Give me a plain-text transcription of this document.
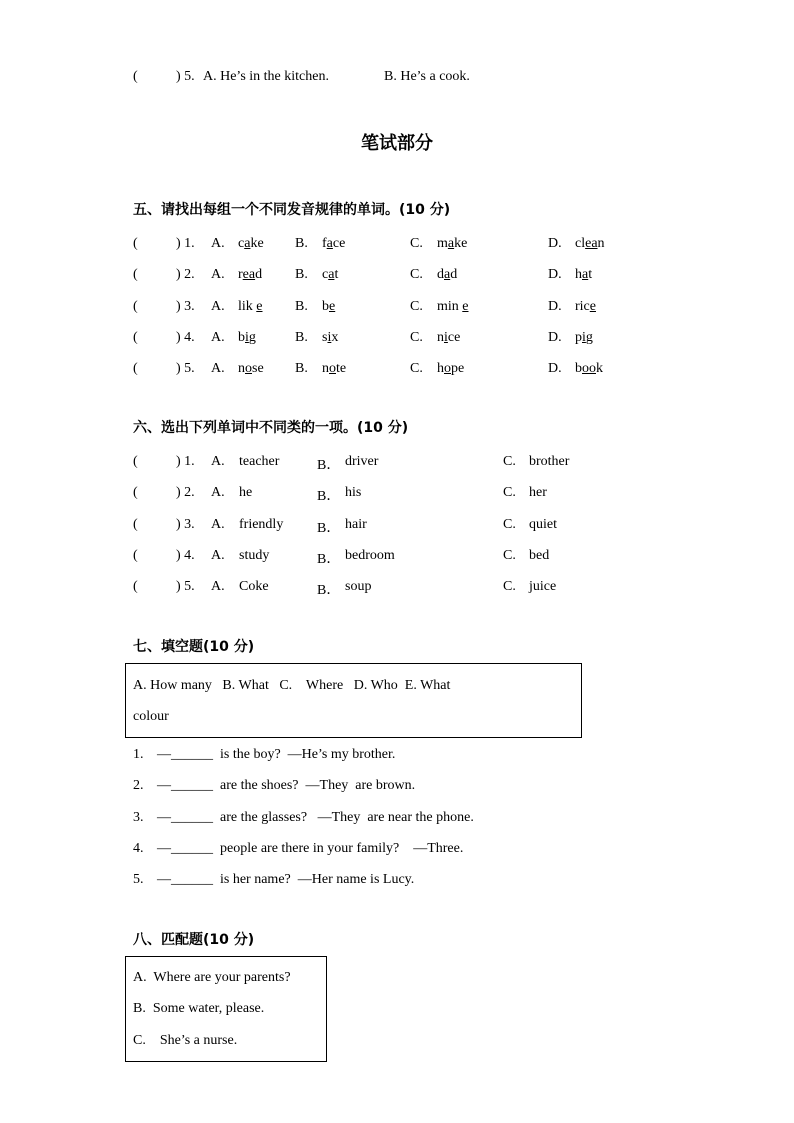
(	) 5. A. He’s in the kitchen.	B. He’s a cook.
笔试部分
五、请找出每组一个不同发音规律的单词。(10 分)
(	) 1. A. cake B. face	C. make	D. clean
(	) 2. A. read B. cat	C. dad	D. hat
(	) 3. A. lik e B. be	C. min e	D. rice
(	) 4. A. big	B. six	C. nice	D. pig
(	) 5. A. nose B. note	C. hope	D. book
六、选出下列单词中不同类的一项。(10 分)
(	) 1. A. teacher	B． driver	C. brother
(	) 2. A. he	B． his	C. her
(	) 3. A. friendly B． hair	C. quiet
(	) 4. A. study	B． bedroom	C. bed
(	) 5. A. Coke	B． soup	C. juice
七、填空题(10 分)
A. How many   B. What   C.    Where   D. Who  E. What
colour
1. —______  is the boy?  —He’s my brother.
2. —______  are the shoes?  —They  are brown.
3. —______  are the glasses?   —They  are near the phone.
4. —______  people are there in your family?    —Three.
5. —______  is her name?  —Her name is Lucy.
八、匹配题(10 分)
A.  Where are your parents?
B.  Some water, please.
C.    She’s a nurse.
